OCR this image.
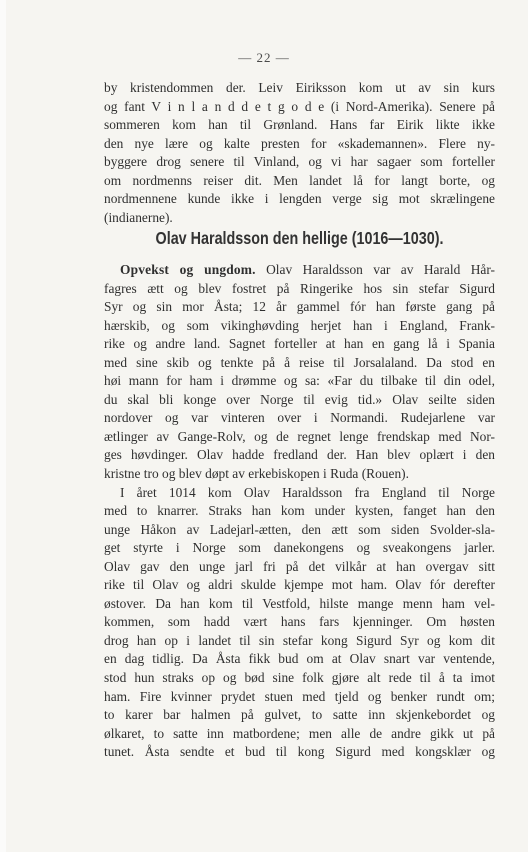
— 22 —
by kristendommen der. Leiv Eiriksson kom ut av sin kurs
og fant V i n l a n d d e t g o d e (i Nord-Amerika). Senere på
sommeren kom han til Grønland. Hans far Eirik likte ikke
den nye lære og kalte presten for «skademannen». Flere ny-
byggere drog senere til Vinland, og vi har sagaer som forteller
om nordmenns reiser dit. Men landet lå for langt borte, og
nordmennene kunde ikke i lengden verge sig mot skrælingene
(indianerne).
Olav Haraldsson den hellige (1016—1030).
Opvekst og ungdom. Olav Haraldsson var av Harald Hår-
fagres ætt og blev fostret på Ringerike hos sin stefar Sigurd
Syr og sin mor Åsta; 12 år gammel fór han første gang på
hærskib, og som vikinghøvding herjet han i England, Frank-
rike og andre land. Sagnet forteller at han en gang lå i Spania
med sine skib og tenkte på å reise til Jorsalaland. Da stod en
høi mann for ham i drømme og sa: «Far du tilbake til din odel,
du skal bli konge over Norge til evig tid.» Olav seilte siden
nordover og var vinteren over i Normandi. Rudejarlene var
ætlinger av Gange-Rolv, og de regnet lenge frendskap med Nor-
ges høvdinger. Olav hadde fredland der. Han blev oplært i den
kristne tro og blev døpt av erkebiskopen i Rudа (Rouen).
I året 1014 kom Olav Haraldsson fra England til Norge
med to knarrer. Straks han kom under kysten, fanget han den
unge Håkon av Ladejarl-ætten, den ætt som siden Svolder-sla-
get styrte i Norge som danekongens og sveakongens jarler.
Olav gav den unge jarl fri på det vilkår at han overgav sitt
rike til Olav og aldri skulde kjempe mot ham. Olav fór derefter
østover. Da han kom til Vestfold, hilste mange menn ham vel-
kommen, som hadd vært hans fars kjenninger. Om høsten
drog han op i landet til sin stefar kong Sigurd Syr og kom dit
en dag tidlig. Da Åsta fikk bud om at Olav snart var ventende,
stod hun straks op og bød sine folk gjøre alt rede til å ta imot
ham. Fire kvinner prydet stuen med tjeld og benker rundt om;
to karer bar halmen på gulvet, to satte inn skjenkebordet og
ølkaret, to satte inn matbordene; men alle de andre gikk ut på
tunet. Åsta sendte et bud til kong Sigurd med kongsklær og
